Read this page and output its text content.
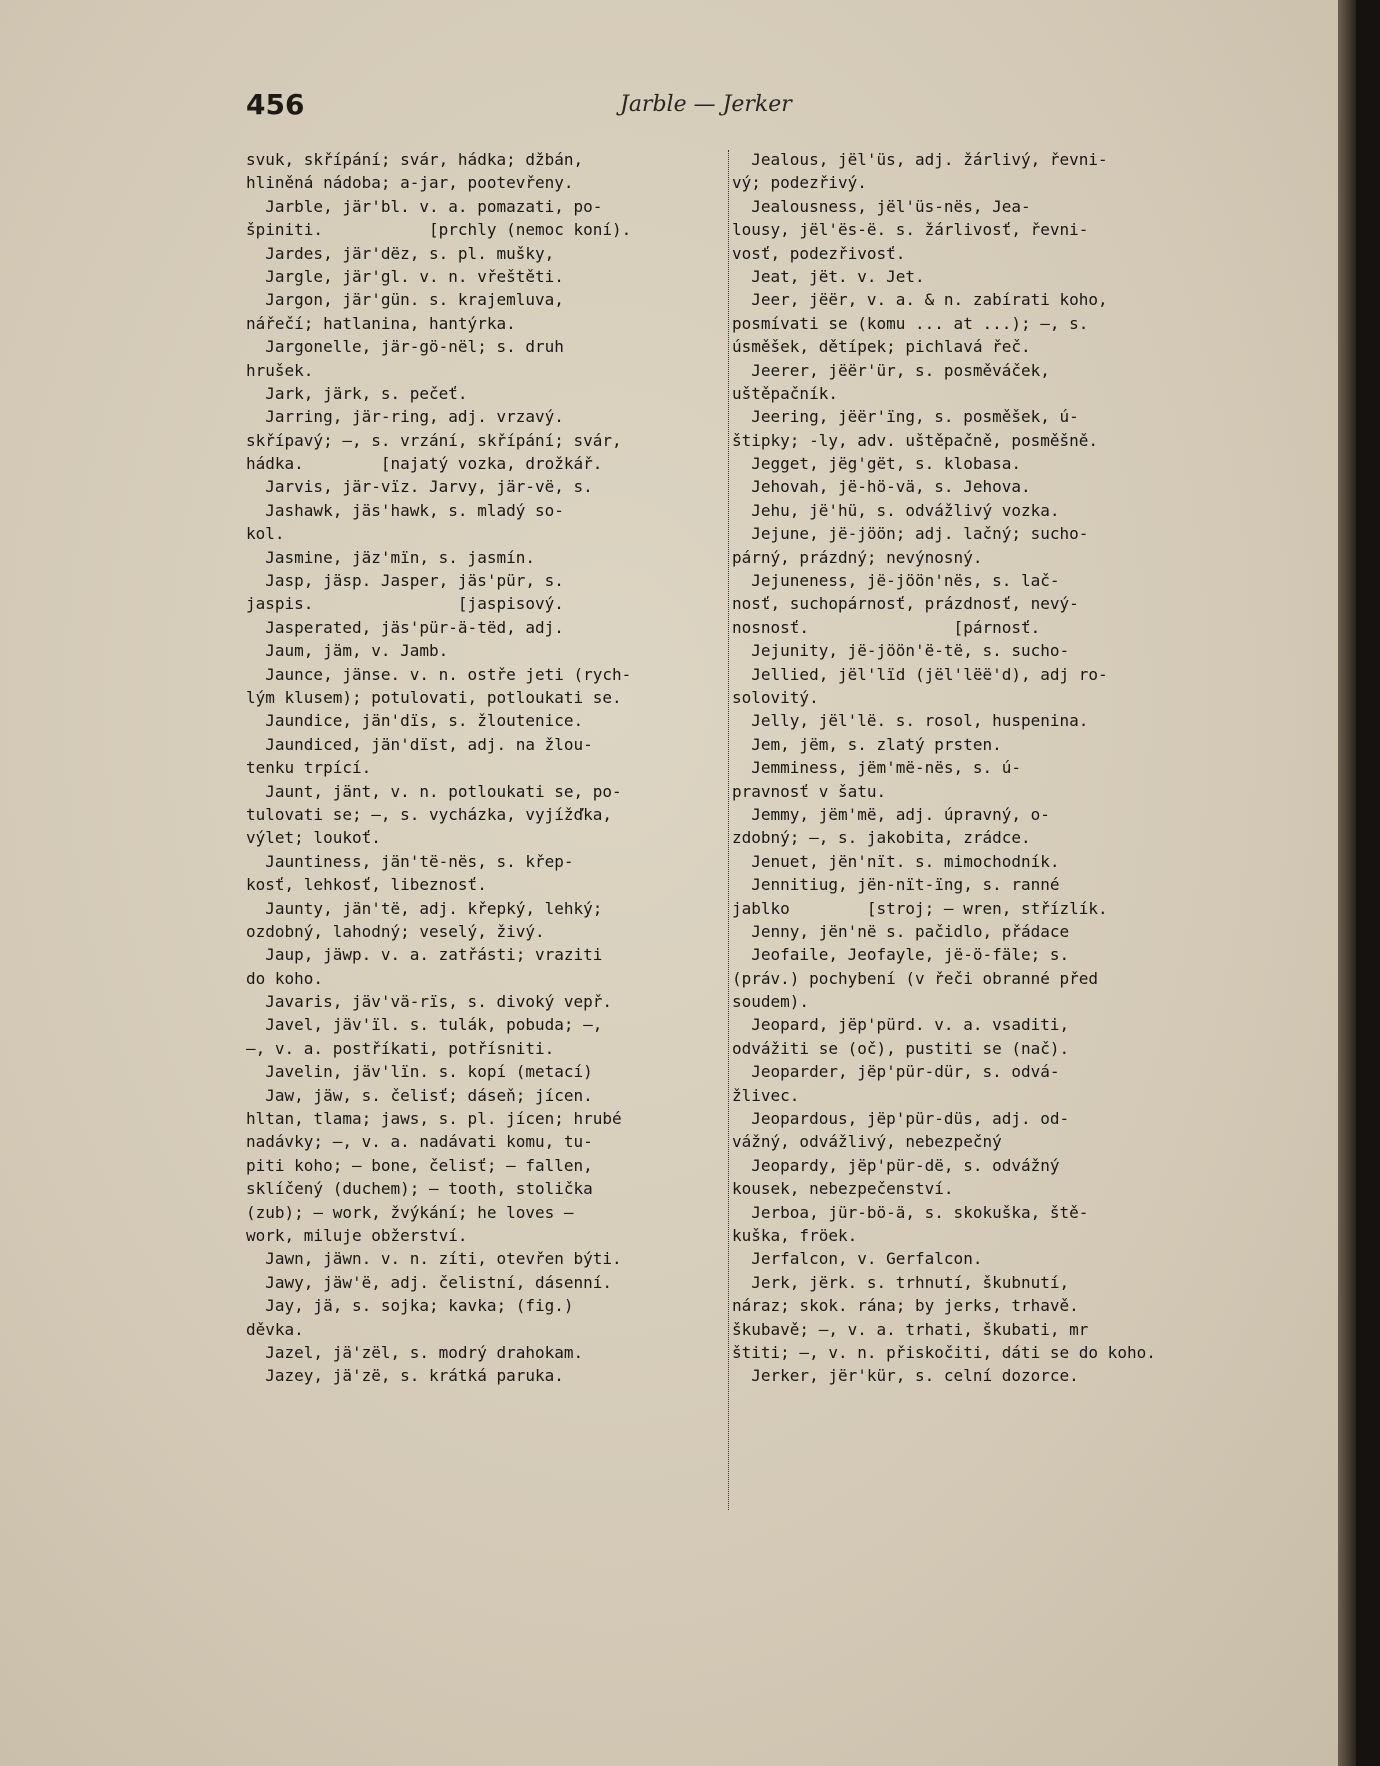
456	Jarble — Jerker
svuk, skřípání; svár, hádka; džbán,
hliněná nádoba; a-jar, pootevřeny.
Jarble, jär'bl. v. a. pomazati, po-
špiniti.           [prchly (nemoc koní).
Jardes, jär'dëz, s. pl. mušky,
Jargle, jär'gl. v. n. vřeštěti.
Jargon, jär'gün. s. krajemluva,
nářečí; hatlanina, hantýrka.
Jargonelle, jär-gö-nël; s. druh
hrušek.
Jark, järk, s. pečeť.
Jarring, jär-ring, adj. vrzavý.
skřípavý; —, s. vrzání, skřípání; svár,
hádka.        [najatý vozka, drožkář.
Jarvis, jär-vïz. Jarvy, jär-vë, s.
Jashawk, jäs'hawk, s. mladý so-
kol.
Jasmine, jäz'mïn, s. jasmín.
Jasp, jäsp. Jasper, jäs'pür, s.
jaspis.               [jaspisový.
Jasperated, jäs'pür-ä-tëd, adj.
Jaum, jäm, v. Jamb.
Jaunce, jänse. v. n. ostře jeti (rych-
lým klusem); potulovati, potloukati se.
Jaundice, jän'dïs, s. žloutenice.
Jaundiced, jän'dïst, adj. na žlou-
tenku trpící.
Jaunt, jänt, v. n. potloukati se, po-
tulovati se; —, s. vycházka, vyjížďka,
výlet; loukoť.
Jauntiness, jän'të-nës, s. křep-
kosť, lehkosť, libeznosť.
Jaunty, jän'të, adj. křepký, lehký;
ozdobný, lahodný; veselý, živý.
Jaup, jäwp. v. a. zatřásti; vraziti
do koho.
Javaris, jäv'vä-rïs, s. divoký vepř.
Javel, jäv'ïl. s. tulák, pobuda; —,
—, v. a. postříkati, potřísniti.
Javelin, jäv'lïn. s. kopí (metací)
Jaw, jäw, s. čelisť; dáseň; jícen.
hltan, tlama; jaws, s. pl. jícen; hrubé
nadávky; —, v. a. nadávati komu, tu-
piti koho; — bone, čelisť; — fallen,
sklíčený (duchem); — tooth, stolička
(zub); — work, žvýkání; he loves —
work, miluje obžerství.
Jawn, jäwn. v. n. zíti, otevřen býti.
Jawy, jäw'ë, adj. čelistní, dásenní.
Jay, jä, s. sojka; kavka; (fig.)
děvka.
Jazel, jä'zël, s. modrý drahokam.
Jazey, jä'zë, s. krátká paruka.
Jealous, jël'üs, adj. žárlivý, řevni-
vý; podezřivý.
Jealousness, jël'üs-nës, Jea-
lousy, jël'ës-ë. s. žárlivosť, řevni-
vosť, podezřivosť.
Jeat, jët. v. Jet.
Jeer, jëër, v. a. & n. zabírati koho,
posmívati se (komu ... at ...); —, s.
úsměšek, dětípek; pichlavá řeč.
Jeerer, jëër'ür, s. posměváček,
uštěpačník.
Jeering, jëër'ïng, s. posměšek, ú-
štipky; -ly, adv. uštěpačně, posměšně.
Jegget, jëg'gët, s. klobasa.
Jehovah, jë-hö-vä, s. Jehova.
Jehu, jë'hü, s. odvážlivý vozka.
Jejune, jë-jöön; adj. lačný; sucho-
párný, prázdný; nevýnosný.
Jejuneness, jë-jöön'nës, s. lač-
nosť, suchopárnosť, prázdnosť, nevý-
nosnosť.               [párnosť.
Jejunity, jë-jöön'ë-të, s. sucho-
Jellied, jël'lïd (jël'lëë'd), adj ro-
solovitý.
Jelly, jël'lë. s. rosol, huspenina.
Jem, jëm, s. zlatý prsten.
Jemminess, jëm'më-nës, s. ú-
pravnosť v šatu.
Jemmy, jëm'më, adj. úpravný, o-
zdobný; —, s. jakobita, zrádce.
Jenuet, jën'nït. s. mimochodník.
Jennitiug, jën-nït-ïng, s. ranné
jablko        [stroj; — wren, střízlík.
Jenny, jën'në s. pačidlo, přádace
Jeofaile, Jeofayle, jë-ö-fäle; s.
(práv.) pochybení (v řeči obranné před
soudem).
Jeopard, jëp'pürd. v. a. vsaditi,
odvážiti se (oč), pustiti se (nač).
Jeoparder, jëp'pür-dür, s. odvá-
žlivec.
Jeopardous, jëp'pür-düs, adj. od-
vážný, odvážlivý, nebezpečný
Jeopardy, jëp'pür-dë, s. odvážný
kousek, nebezpečenství.
Jerboa, jür-bö-ä, s. skokuška, ště-
kuška, fröek.
Jerfalcon, v. Gerfalcon.
Jerk, jërk. s. trhnutí, škubnutí,
náraz; skok. rána; by jerks, trhavě.
škubavě; —, v. a. trhati, škubati, mr
štiti; —, v. n. přiskočiti, dáti se do koho.
Jerker, jër'kür, s. celní dozorce.
